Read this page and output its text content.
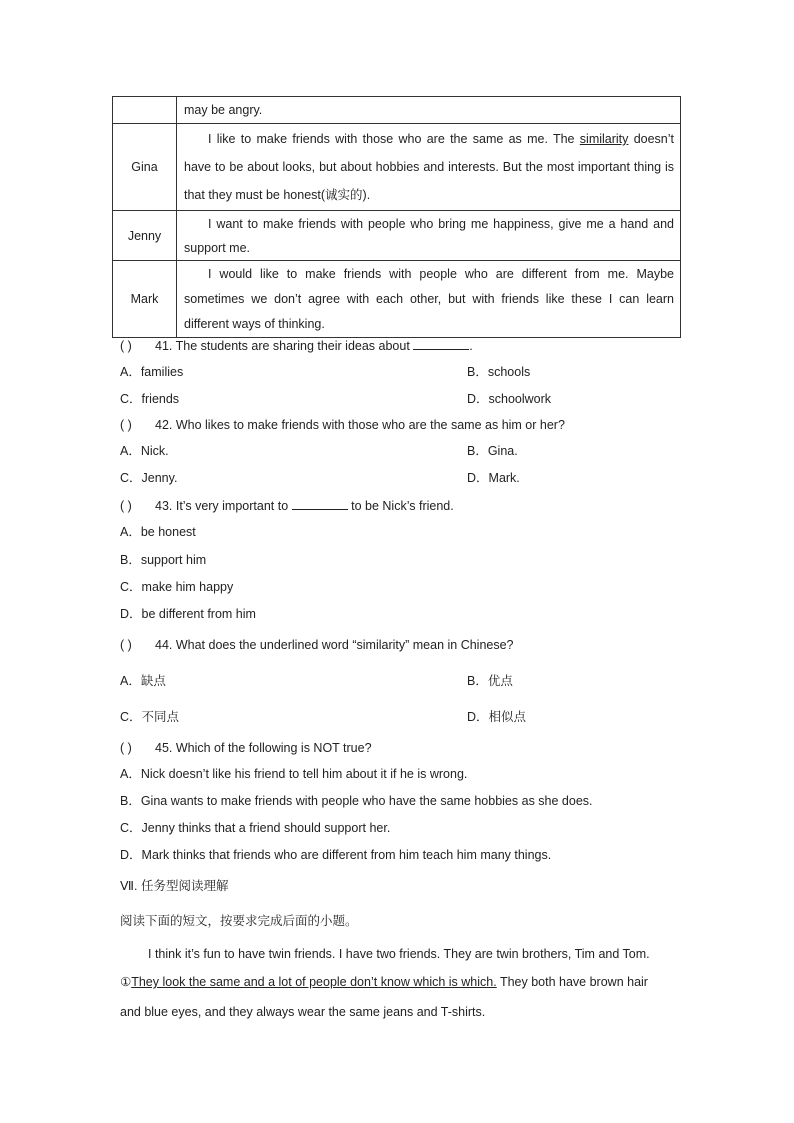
	may be angry.
Gina	I like to make friends with those who are the same as me. The similarity doesn’t have to be about looks, but about hobbies and interests. But the most important thing is that they must be honest(诚实的).
Jenny	I want to make friends with people who bring me happiness, give me a hand and support me.
Mark	I would like to make friends with people who are different from me. Maybe sometimes we don’t agree with each other, but with friends like these I can learn different ways of thinking.
( ) 41. The students are sharing their ideas about	.
A．families	B．schools
C．friends	D．schoolwork
( ) 42. Who likes to make friends with those who are the same as him or her?
A．Nick.	B．Gina.
C．Jenny.	D．Mark.
( ) 43. It’s very important to	to be Nick’s friend.
A．be honest
B．support him
C．make him happy
D．be different from him
( ) 44. What does the underlined word “similarity” mean in Chinese?
A．缺点	B．优点
C．不同点	D．相似点
( ) 45. Which of the following is NOT true?
A．Nick doesn’t like his friend to tell him about it if he is wrong.
B．Gina wants to make friends with people who have the same hobbies as she does.
C．Jenny thinks that a friend should support her.
D．Mark thinks that friends who are different from him teach him many things.
Ⅶ. 任务型阅读理解
阅读下面的短文，按要求完成后面的小题。
I think it’s fun to have twin friends. I have two friends. They are twin brothers, Tim and Tom.
①They look the same and a lot of people don’t know which is which. They both have brown hair
and blue eyes, and they always wear the same jeans and T-shirts.
